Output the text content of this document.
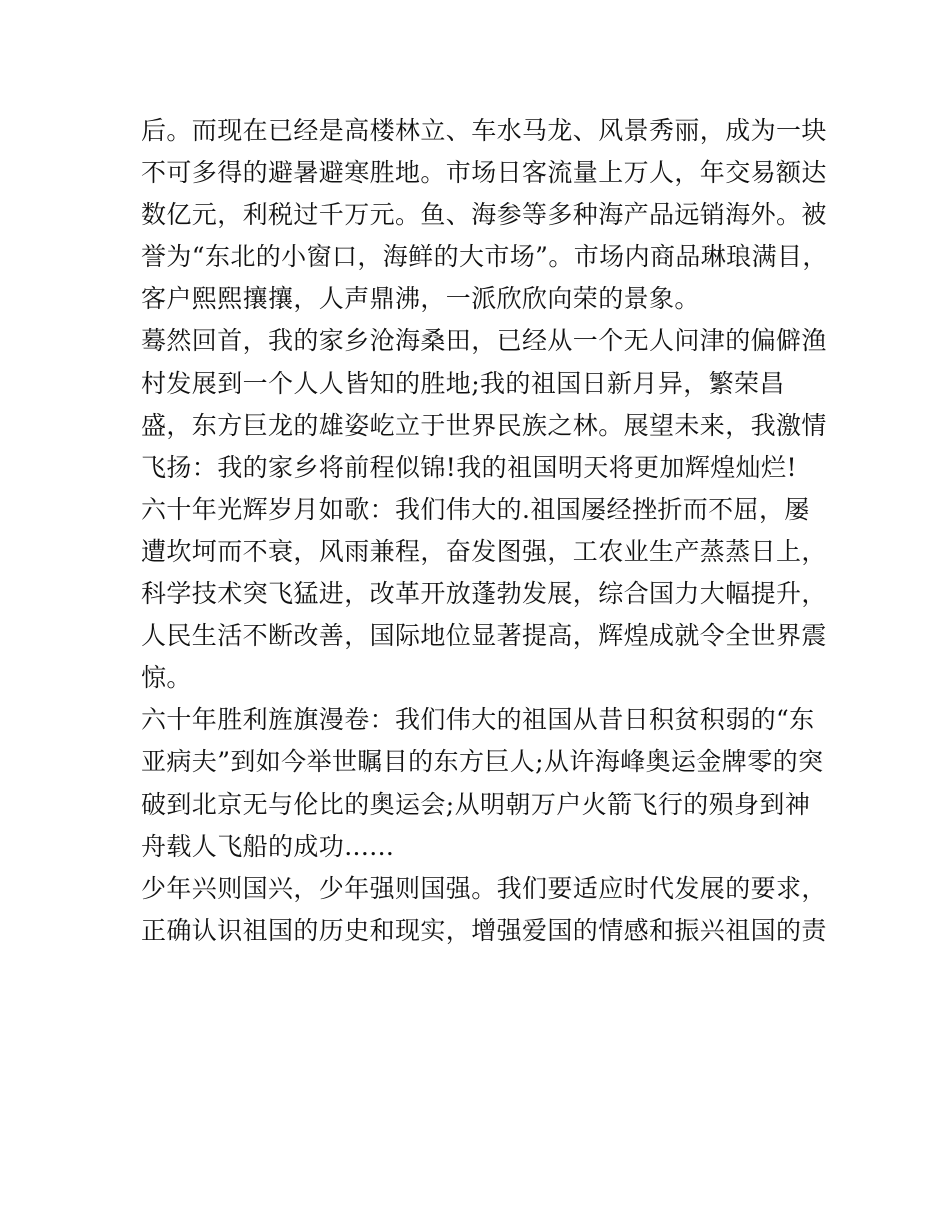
后。而现在已经是高楼林立、车水马龙、风景秀丽，成为一块
不可多得的避暑避寒胜地。市场日客流量上万人，年交易额达
数亿元，利税过千万元。鱼、海参等多种海产品远销海外。被
誉为“东北的小窗口，海鲜的大市场”。市场内商品琳琅满目，
客户熙熙攘攘，人声鼎沸，一派欣欣向荣的景象。
蓦然回首，我的家乡沧海桑田，已经从一个无人问津的偏僻渔
村发展到一个人人皆知的胜地;我的祖国日新月异，繁荣昌
盛，东方巨龙的雄姿屹立于世界民族之林。展望未来，我激情
飞扬：我的家乡将前程似锦!我的祖国明天将更加辉煌灿烂!
六十年光辉岁月如歌：我们伟大的.祖国屡经挫折而不屈，屡
遭坎坷而不衰，风雨兼程，奋发图强，工农业生产蒸蒸日上，
科学技术突飞猛进，改革开放蓬勃发展，综合国力大幅提升，
人民生活不断改善，国际地位显著提高，辉煌成就令全世界震
惊。
六十年胜利旌旗漫卷：我们伟大的祖国从昔日积贫积弱的“东
亚病夫”到如今举世瞩目的东方巨人;从许海峰奥运金牌零的突
破到北京无与伦比的奥运会;从明朝万户火箭飞行的殒身到神
舟载人飞船的成功......
少年兴则国兴，少年强则国强。我们要适应时代发展的要求，
正确认识祖国的历史和现实，增强爱国的情感和振兴祖国的责
